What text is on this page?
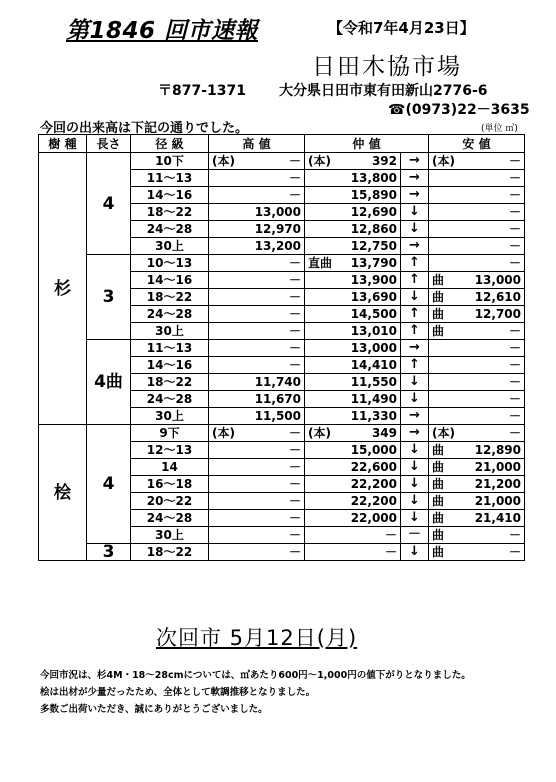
第1846 回市速報	【令和7年4月23日】
日田木協市場
〒877-1371 大分県日田市東有田新山2776-6
☎(0973)22－3635
今回の出来高は下記の通りでした。	(単位 ㎥)
樹 種	長さ	径 級	高 値	仲 値		安 値
杉	4	10下	(本) －	(本) 392	→	(本) －

		11～13	－	13,800	→	－

		14～16	－	15,890	→	－

		18～22	13,000	12,690	↓	－

		24～28	12,970	12,860	↓	－

		30上	13,200	12,750	→	－

	3	10～13	－	直曲 13,790	↑	－

		14～16	－	13,900	↑	曲 13,000

		18～22	－	13,690	↓	曲 12,610

		24～28	－	14,500	↑	曲 12,700

		30上	－	13,010	↑	曲 －

	4曲	11～13	－	13,000	→	－

		14～16	－	14,410	↑	－

		18～22	11,740	11,550	↓	－

		24～28	11,670	11,490	↓	－

		30上	11,500	11,330	→	－

桧	4	9下	(本) －	(本) 349	→	(本) －

		12～13	－	15,000	↓	曲 12,890

		14	－	22,600	↓	曲 21,000

		16～18	－	22,200	↓	曲 21,200

		20～22	－	22,200	↓	曲 21,000

		24～28	－	22,000	↓	曲 21,410

		30上	－	－	－	曲 －

	3	18～22	－	－	↓	曲 －
次回市 5月12日(月)
今回市況は、杉4M・18～28cmについては、㎥あたり600円～1,000円の値下がりとなりました。
桧は出材が少量だったため、全体として軟調推移となりました。
多数ご出荷いただき、誠にありがとうございました。
